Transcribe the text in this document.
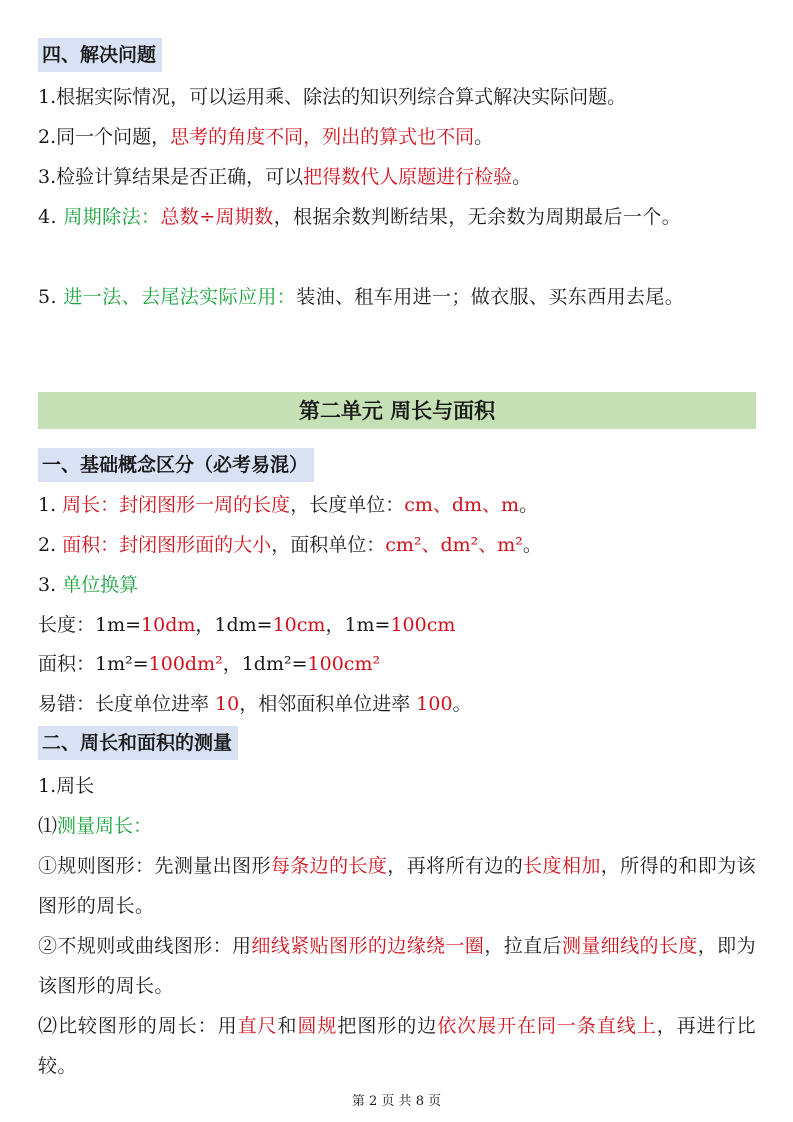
四、解决问题
1.根据实际情况，可以运用乘、除法的知识列综合算式解决实际问题。
2.同一个问题，思考的角度不同，列出的算式也不同。
3.检验计算结果是否正确，可以把得数代人原题进行检验。
4. 周期除法：总数÷周期数，根据余数判断结果，无余数为周期最后一个。
5. 进一法、去尾法实际应用：装油、租车用进一；做衣服、买东西用去尾。
第二单元 周长与面积
一、基础概念区分（必考易混）
1. 周长：封闭图形一周的长度，长度单位：cm、dm、m。
2. 面积：封闭图形面的大小，面积单位：cm²、dm²、m²。
3. 单位换算
长度：1m=10dm，1dm=10cm，1m=100cm
面积：1m²=100dm²，1dm²=100cm²
易错：长度单位进率 10，相邻面积单位进率 100。
二、周长和面积的测量
1.周长
⑴测量周长：
①规则图形：先测量出图形每条边的长度，再将所有边的长度相加，所得的和即为该图形的周长。
②不规则或曲线图形：用细线紧贴图形的边缘绕一圈，拉直后测量细线的长度，即为该图形的周长。
⑵比较图形的周长：用直尺和圆规把图形的边依次展开在同一条直线上，再进行比较。
第 2 页 共 8 页
